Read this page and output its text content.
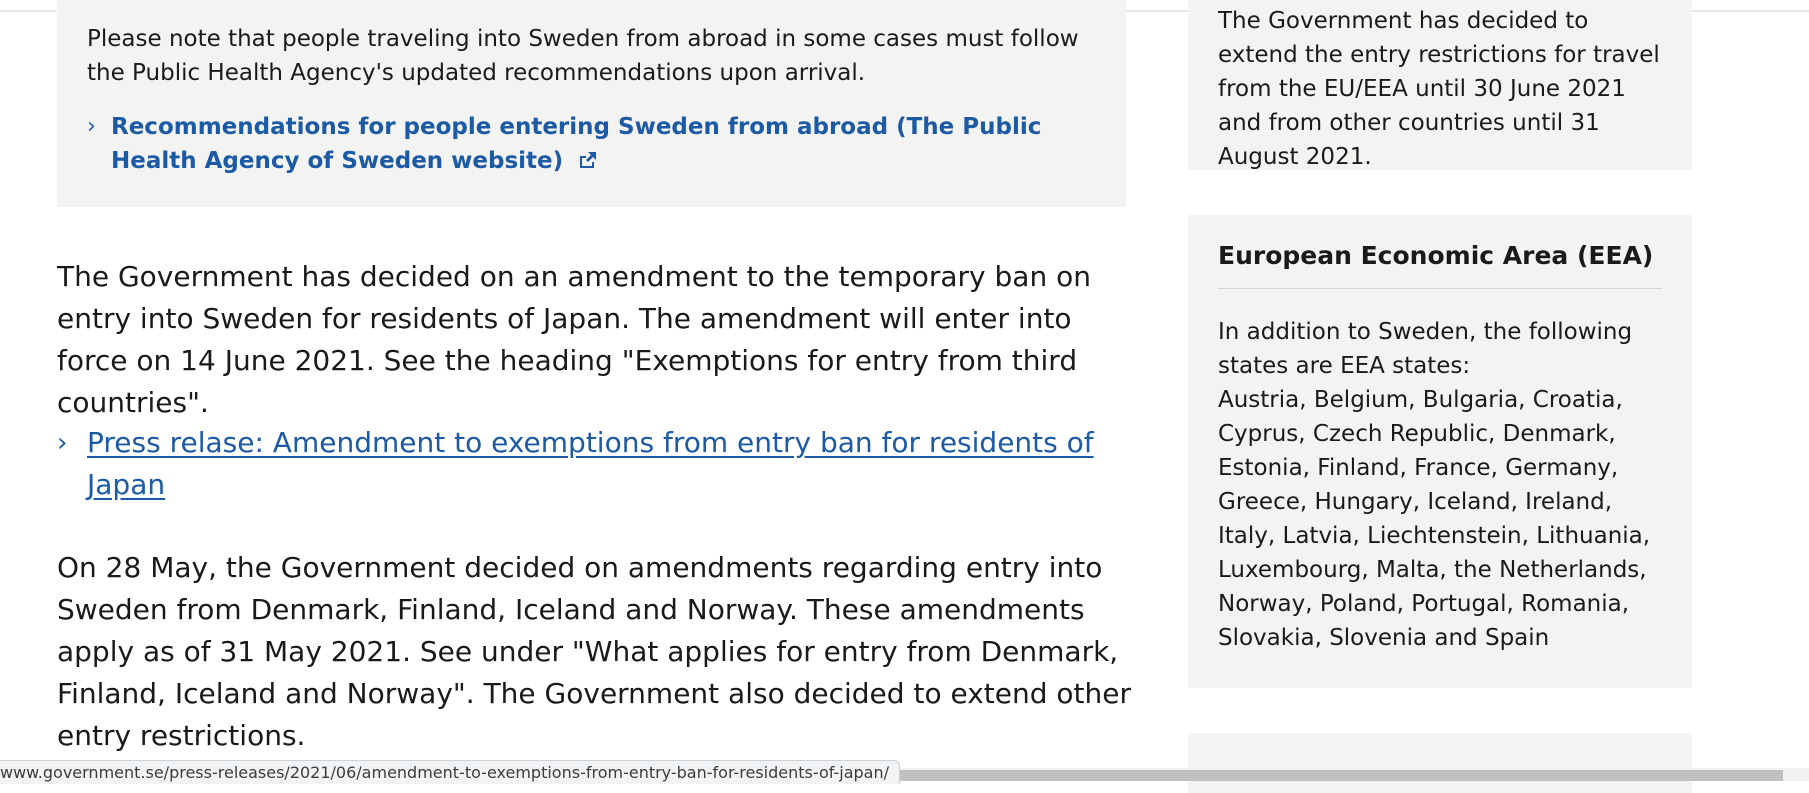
Please note that people traveling into Sweden from abroad in some cases must follow the Public Health Agency's updated recommendations upon arrival.

› Recommendations for people entering Sweden from abroad (The Public Health Agency of Sweden website)

The Government has decided on an amendment to the temporary ban on entry into Sweden for residents of Japan. The amendment will enter into force on 14 June 2021. See the heading "Exemptions for entry from third countries".

› Press relase: Amendment to exemptions from entry ban for residents of Japan

On 28 May, the Government decided on amendments regarding entry into Sweden from Denmark, Finland, Iceland and Norway. These amendments apply as of 31 May 2021. See under "What applies for entry from Denmark, Finland, Iceland and Norway". The Government also decided to extend other entry restrictions.

The Government has decided to extend the entry restrictions for travel from the EU/EEA until 30 June 2021 and from other countries until 31 August 2021.

European Economic Area (EEA)

In addition to Sweden, the following states are EEA states:
Austria, Belgium, Bulgaria, Croatia, Cyprus, Czech Republic, Denmark, Estonia, Finland, France, Germany, Greece, Hungary, Iceland, Ireland, Italy, Latvia, Liechtenstein, Lithuania, Luxembourg, Malta, the Netherlands, Norway, Poland, Portugal, Romania, Slovakia, Slovenia and Spain

www.government.se/press-releases/2021/06/amendment-to-exemptions-from-entry-ban-for-residents-of-japan/
